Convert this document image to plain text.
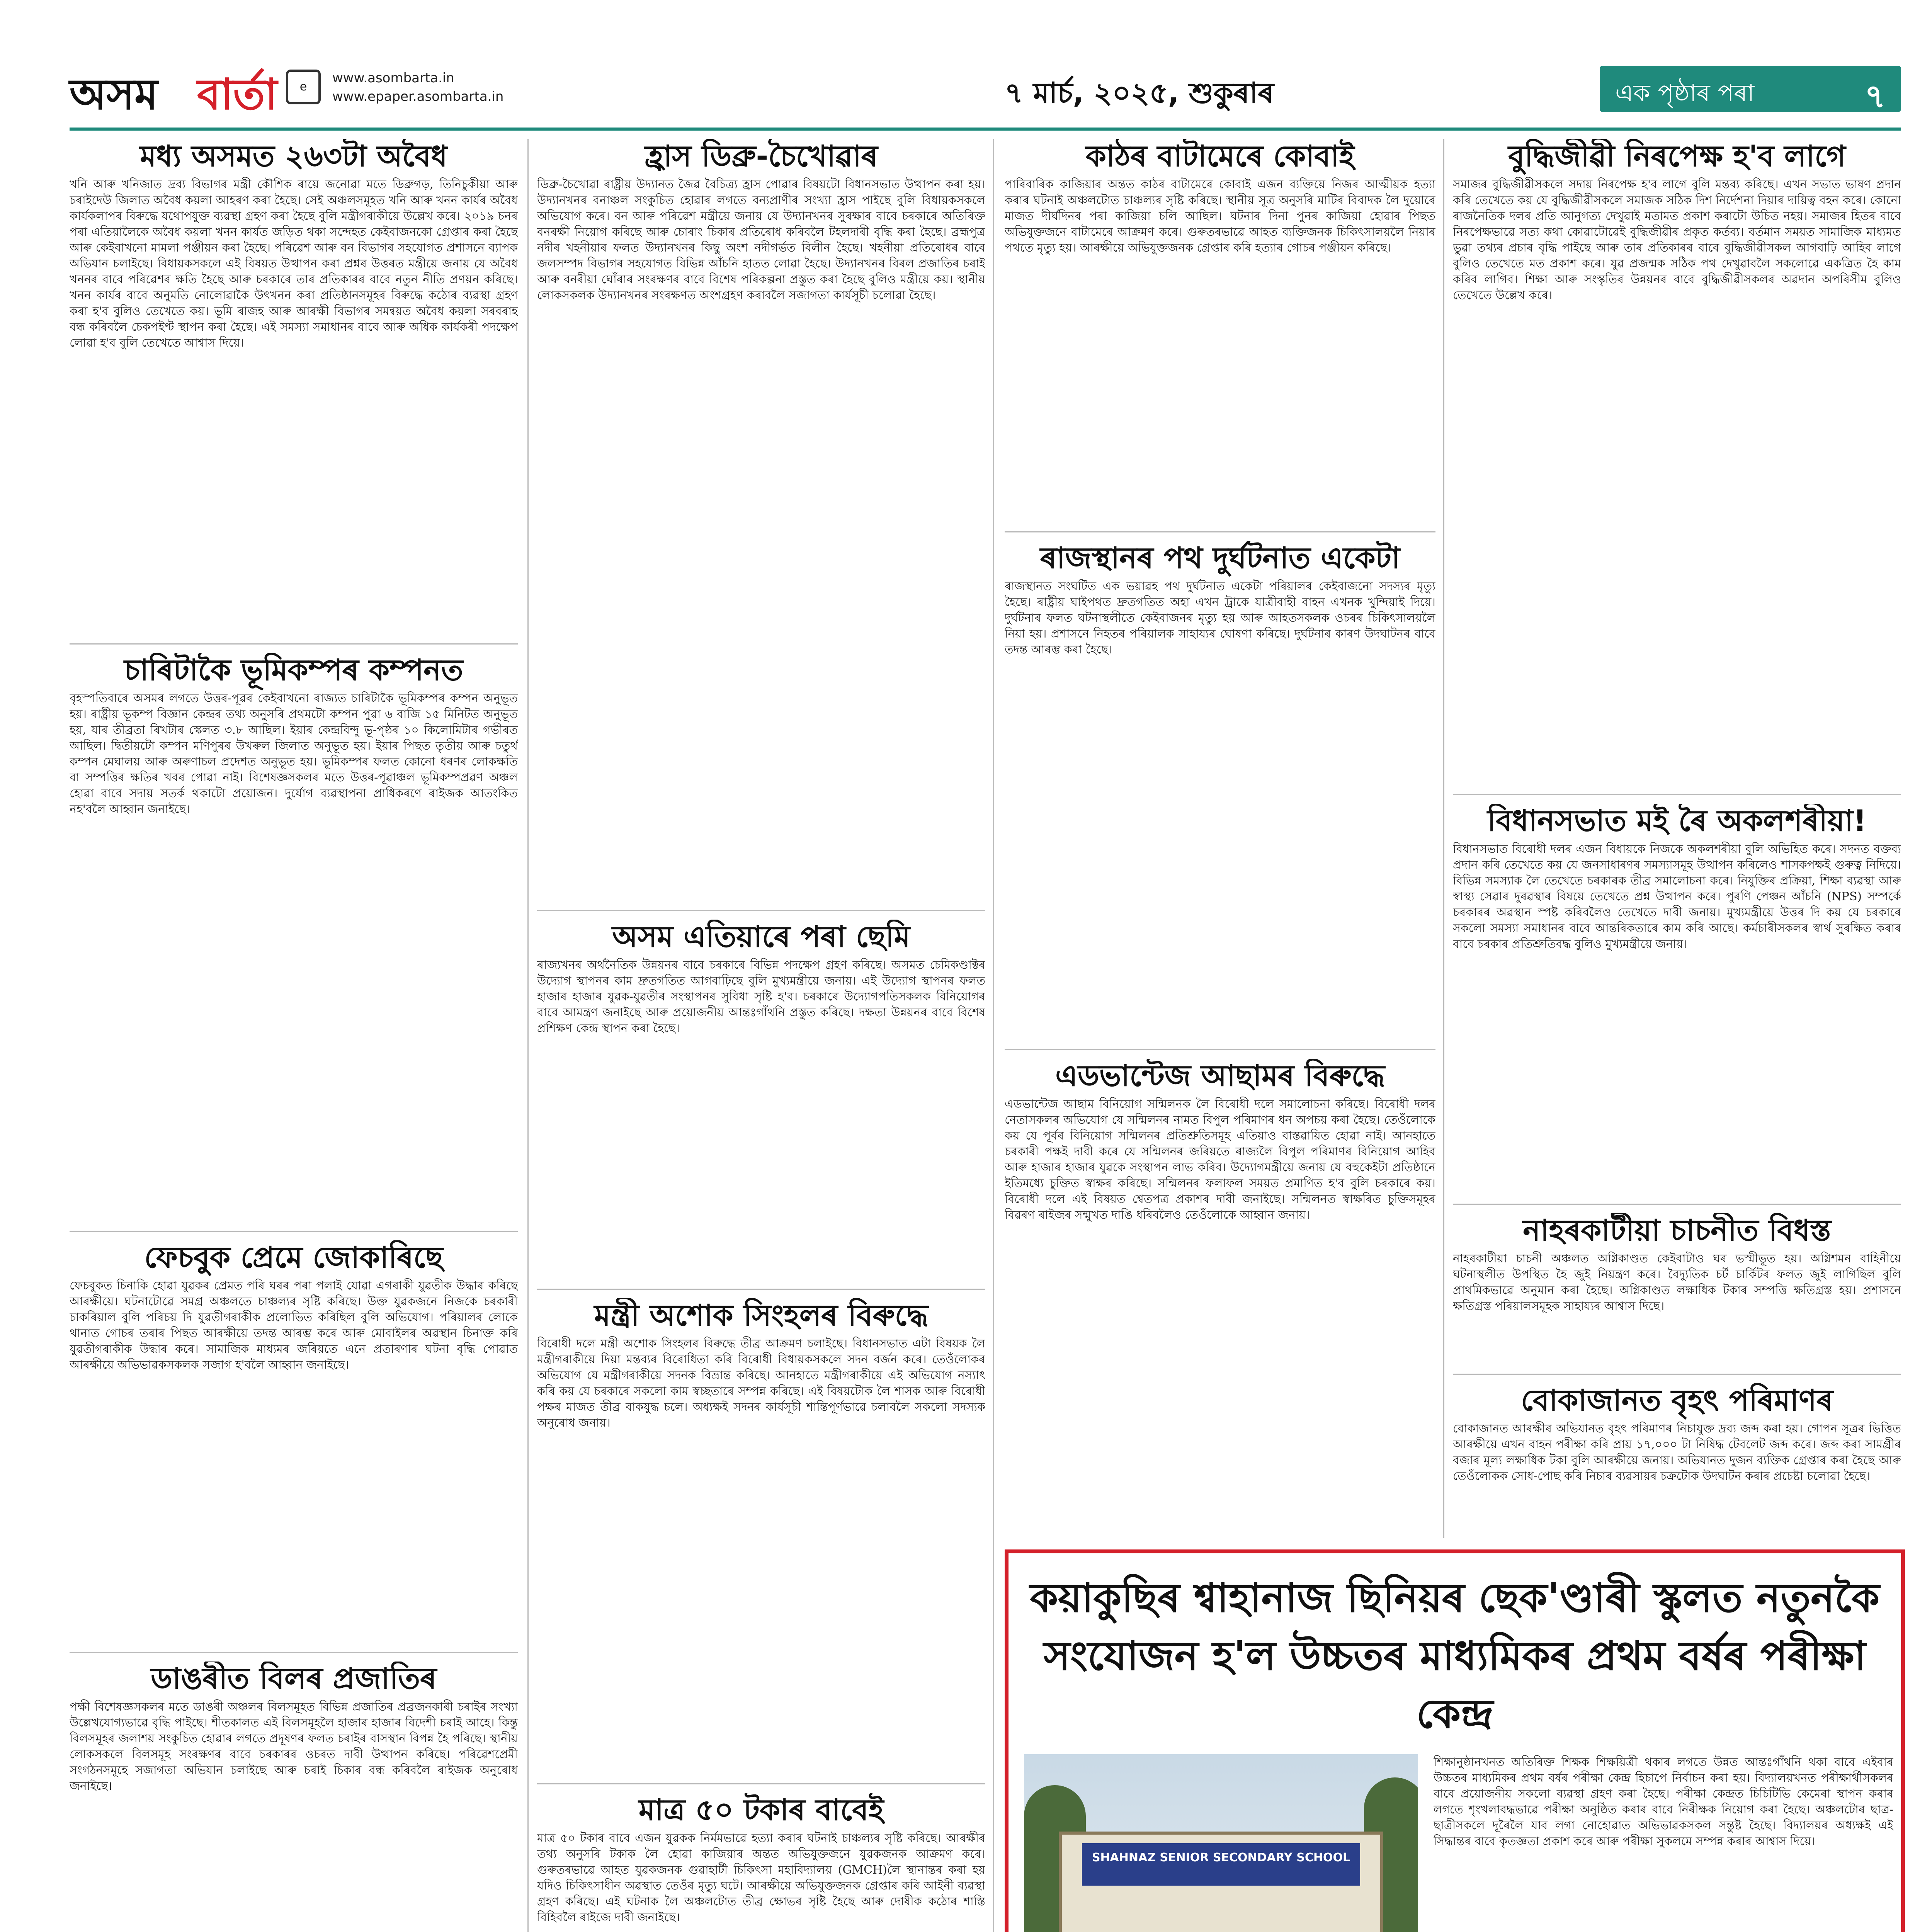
অসম বার্তা	e
www.asombarta.in
www.epaper.asombarta.in	৭ মার্চ, ২০২৫, শুকুৰাৰ	এক পৃষ্ঠাৰ পৰা	৭
মধ্য অসমত ২৬৩টা অবৈধ

খনি আৰু খনিজাত দ্ৰব্য বিভাগৰ মন্ত্ৰী কৌশিক ৰায়ে জনোৱা মতে ডিব্ৰুগড়, তিনিচুকীয়া আৰু চৰাইদেউ জিলাত অবৈধ কয়লা আহৰণ কৰা হৈছে। সেই অঞ্চলসমূহত খনি আৰু খনন কাৰ্যৰ অবৈধ কাৰ্যকলাপৰ বিৰুদ্ধে যথোপযুক্ত ব্যৱস্থা গ্ৰহণ কৰা হৈছে বুলি মন্ত্ৰীগৰাকীয়ে উল্লেখ কৰে। ২০১৯ চনৰ পৰা এতিয়ালৈকে অবৈধ কয়লা খনন কাৰ্যত জড়িত থকা সন্দেহত কেইবাজনকো গ্ৰেপ্তাৰ কৰা হৈছে আৰু কেইবাখনো মামলা পঞ্জীয়ন কৰা হৈছে। পৰিৱেশ আৰু বন বিভাগৰ সহযোগত প্ৰশাসনে ব্যাপক অভিযান চলাইছে। বিধায়কসকলে এই বিষয়ত উত্থাপন কৰা প্ৰশ্নৰ উত্তৰত মন্ত্ৰীয়ে জনায় যে অবৈধ খননৰ বাবে পৰিৱেশৰ ক্ষতি হৈছে আৰু চৰকাৰে তাৰ প্ৰতিকাৰৰ বাবে নতুন নীতি প্ৰণয়ন কৰিছে। খনন কাৰ্যৰ বাবে অনুমতি নোলোৱাকৈ উৎখনন কৰা প্ৰতিষ্ঠানসমূহৰ বিৰুদ্ধে কঠোৰ ব্যৱস্থা গ্ৰহণ কৰা হ'ব বুলিও তেখেতে কয়। ভূমি ৰাজহ আৰু আৰক্ষী বিভাগৰ সমন্বয়ত অবৈধ কয়লা সৰবৰাহ বন্ধ কৰিবলৈ চেকপইণ্ট স্থাপন কৰা হৈছে। এই সমস্যা সমাধানৰ বাবে আৰু অধিক কাৰ্যকৰী পদক্ষেপ লোৱা হ'ব বুলি তেখেতে আশ্বাস দিয়ে।

চাৰিটাকৈ ভূমিকম্পৰ কম্পনত

বৃহস্পতিবাৰে অসমৰ লগতে উত্তৰ-পূৱৰ কেইবাখনো ৰাজ্যত চাৰিটাকৈ ভূমিকম্পৰ কম্পন অনুভূত হয়। ৰাষ্ট্ৰীয় ভূকম্প বিজ্ঞান কেন্দ্ৰৰ তথ্য অনুসৰি প্ৰথমটো কম্পন পুৱা ৬ বাজি ১৫ মিনিটত অনুভূত হয়, যাৰ তীব্ৰতা ৰিখটাৰ স্কেলত ৩.৮ আছিল। ইয়াৰ কেন্দ্ৰবিন্দু ভূ-পৃষ্ঠৰ ১০ কিলোমিটাৰ গভীৰত আছিল। দ্বিতীয়টো কম্পন মণিপুৰৰ উখৰুল জিলাত অনুভূত হয়। ইয়াৰ পিছত তৃতীয় আৰু চতুৰ্থ কম্পন মেঘালয় আৰু অৰুণাচল প্ৰদেশত অনুভূত হয়। ভূমিকম্পৰ ফলত কোনো ধৰণৰ লোকক্ষতি বা সম্পত্তিৰ ক্ষতিৰ খবৰ পোৱা নাই। বিশেষজ্ঞসকলৰ মতে উত্তৰ-পূৱাঞ্চল ভূমিকম্পপ্ৰৱণ অঞ্চল হোৱা বাবে সদায় সতৰ্ক থকাটো প্ৰয়োজন। দুৰ্যোগ ব্যৱস্থাপনা প্ৰাধিকৰণে ৰাইজক আতংকিত নহ'বলৈ আহ্বান জনাইছে।

ফেচবুক প্ৰেমে জোকাৰিছে

ফেচবুকত চিনাকি হোৱা যুৱকৰ প্ৰেমত পৰি ঘৰৰ পৰা পলাই যোৱা এগৰাকী যুৱতীক উদ্ধাৰ কৰিছে আৰক্ষীয়ে। ঘটনাটোৱে সমগ্ৰ অঞ্চলতে চাঞ্চল্যৰ সৃষ্টি কৰিছে। উক্ত যুৱকজনে নিজকে চৰকাৰী চাকৰিয়াল বুলি পৰিচয় দি যুৱতীগৰাকীক প্ৰলোভিত কৰিছিল বুলি অভিযোগ। পৰিয়ালৰ লোকে থানাত গোচৰ তৰাৰ পিছত আৰক্ষীয়ে তদন্ত আৰম্ভ কৰে আৰু মোবাইলৰ অৱস্থান চিনাক্ত কৰি যুৱতীগৰাকীক উদ্ধাৰ কৰে। সামাজিক মাধ্যমৰ জৰিয়তে এনে প্ৰতাৰণাৰ ঘটনা বৃদ্ধি পোৱাত আৰক্ষীয়ে অভিভাৱকসকলক সজাগ হ'বলৈ আহ্বান জনাইছে।

ডাঙৰীত বিলৰ প্ৰজাতিৰ

পক্ষী বিশেষজ্ঞসকলৰ মতে ডাঙৰী অঞ্চলৰ বিলসমূহত বিভিন্ন প্ৰজাতিৰ প্ৰব্ৰজনকাৰী চৰাইৰ সংখ্যা উল্লেখযোগ্যভাৱে বৃদ্ধি পাইছে। শীতকালত এই বিলসমূহলৈ হাজাৰ হাজাৰ বিদেশী চৰাই আহে। কিন্তু বিলসমূহৰ জলাশয় সংকুচিত হোৱাৰ লগতে প্ৰদূষণৰ ফলত চৰাইৰ বাসস্থান বিপন্ন হৈ পৰিছে। স্থানীয় লোকসকলে বিলসমূহ সংৰক্ষণৰ বাবে চৰকাৰৰ ওচৰত দাবী উত্থাপন কৰিছে। পৰিৱেশপ্ৰেমী সংগঠনসমূহে সজাগতা অভিযান চলাইছে আৰু চৰাই চিকাৰ বন্ধ কৰিবলৈ ৰাইজক অনুৰোধ জনাইছে।

হ্ৰাস ডিব্ৰু-চৈখোৱাৰ

ডিব্ৰু-চৈখোৱা ৰাষ্ট্ৰীয় উদ্যানত জৈৱ বৈচিত্ৰ্য হ্ৰাস পোৱাৰ বিষয়টো বিধানসভাত উত্থাপন কৰা হয়। উদ্যানখনৰ বনাঞ্চল সংকুচিত হোৱাৰ লগতে বন্যপ্ৰাণীৰ সংখ্যা হ্ৰাস পাইছে বুলি বিধায়কসকলে অভিযোগ কৰে। বন আৰু পৰিৱেশ মন্ত্ৰীয়ে জনায় যে উদ্যানখনৰ সুৰক্ষাৰ বাবে চৰকাৰে অতিৰিক্ত বনৰক্ষী নিয়োগ কৰিছে আৰু চোৰাং চিকাৰ প্ৰতিৰোধ কৰিবলৈ টহলদাৰী বৃদ্ধি কৰা হৈছে। ব্ৰহ্মপুত্ৰ নদীৰ খহনীয়াৰ ফলত উদ্যানখনৰ কিছু অংশ নদীগৰ্ভত বিলীন হৈছে। খহনীয়া প্ৰতিৰোধৰ বাবে জলসম্পদ বিভাগৰ সহযোগত বিভিন্ন আঁচনি হাতত লোৱা হৈছে। উদ্যানখনৰ বিৰল প্ৰজাতিৰ চৰাই আৰু বনৰীয়া ঘোঁৰাৰ সংৰক্ষণৰ বাবে বিশেষ পৰিকল্পনা প্ৰস্তুত কৰা হৈছে বুলিও মন্ত্ৰীয়ে কয়। স্থানীয় লোকসকলক উদ্যানখনৰ সংৰক্ষণত অংশগ্ৰহণ কৰাবলৈ সজাগতা কাৰ্যসূচী চলোৱা হৈছে।

অসম এতিয়াৰে পৰা ছেমি

ৰাজ্যখনৰ অৰ্থনৈতিক উন্নয়নৰ বাবে চৰকাৰে বিভিন্ন পদক্ষেপ গ্ৰহণ কৰিছে। অসমত চেমিকণ্ডাক্টৰ উদ্যোগ স্থাপনৰ কাম দ্ৰুতগতিত আগবাঢ়িছে বুলি মুখ্যমন্ত্ৰীয়ে জনায়। এই উদ্যোগ স্থাপনৰ ফলত হাজাৰ হাজাৰ যুৱক-যুৱতীৰ সংস্থাপনৰ সুবিধা সৃষ্টি হ'ব। চৰকাৰে উদ্যোগপতিসকলক বিনিয়োগৰ বাবে আমন্ত্ৰণ জনাইছে আৰু প্ৰয়োজনীয় আন্তঃগাঁথনি প্ৰস্তুত কৰিছে। দক্ষতা উন্নয়নৰ বাবে বিশেষ প্ৰশিক্ষণ কেন্দ্ৰ স্থাপন কৰা হৈছে।

মন্ত্ৰী অশোক সিংহলৰ বিৰুদ্ধে

বিৰোধী দলে মন্ত্ৰী অশোক সিংহলৰ বিৰুদ্ধে তীব্ৰ আক্ৰমণ চলাইছে। বিধানসভাত এটা বিষয়ক লৈ মন্ত্ৰীগৰাকীয়ে দিয়া মন্তব্যৰ বিৰোধিতা কৰি বিৰোধী বিধায়কসকলে সদন বৰ্জন কৰে। তেওঁলোকৰ অভিযোগ যে মন্ত্ৰীগৰাকীয়ে সদনক বিভ্ৰান্ত কৰিছে। আনহাতে মন্ত্ৰীগৰাকীয়ে এই অভিযোগ নস্যাৎ কৰি কয় যে চৰকাৰে সকলো কাম স্বচ্ছতাৰে সম্পন্ন কৰিছে। এই বিষয়টোক লৈ শাসক আৰু বিৰোধী পক্ষৰ মাজত তীব্ৰ বাকযুদ্ধ চলে। অধ্যক্ষই সদনৰ কাৰ্যসূচী শান্তিপূৰ্ণভাৱে চলাবলৈ সকলো সদস্যক অনুৰোধ জনায়।

মাত্ৰ ৫০ টকাৰ বাবেই

মাত্ৰ ৫০ টকাৰ বাবে এজন যুৱকক নিৰ্মমভাৱে হত্যা কৰাৰ ঘটনাই চাঞ্চল্যৰ সৃষ্টি কৰিছে। আৰক্ষীৰ তথ্য অনুসৰি টকাক লৈ হোৱা কাজিয়াৰ অন্তত অভিযুক্তজনে যুৱকজনক আক্ৰমণ কৰে। গুৰুতৰভাৱে আহত যুৱকজনক গুৱাহাটী চিকিৎসা মহাবিদ্যালয় (GMCH)লৈ স্থানান্তৰ কৰা হয় যদিও চিকিৎসাধীন অৱস্থাত তেওঁৰ মৃত্যু ঘটে। আৰক্ষীয়ে অভিযুক্তজনক গ্ৰেপ্তাৰ কৰি আইনী ব্যৱস্থা গ্ৰহণ কৰিছে। এই ঘটনাক লৈ অঞ্চলটোত তীব্ৰ ক্ষোভৰ সৃষ্টি হৈছে আৰু দোষীক কঠোৰ শাস্তি বিহিবলৈ ৰাইজে দাবী জনাইছে।

কাঠৰ বাটামেৰে কোবাই

পাৰিবাৰিক কাজিয়াৰ অন্তত কাঠৰ বাটামেৰে কোবাই এজন ব্যক্তিয়ে নিজৰ আত্মীয়ক হত্যা কৰাৰ ঘটনাই অঞ্চলটোত চাঞ্চল্যৰ সৃষ্টি কৰিছে। স্থানীয় সূত্ৰ অনুসৰি মাটিৰ বিবাদক লৈ দুয়োৰে মাজত দীৰ্ঘদিনৰ পৰা কাজিয়া চলি আছিল। ঘটনাৰ দিনা পুনৰ কাজিয়া হোৱাৰ পিছত অভিযুক্তজনে বাটামেৰে আক্ৰমণ কৰে। গুৰুতৰভাৱে আহত ব্যক্তিজনক চিকিৎসালয়লৈ নিয়াৰ পথতে মৃত্যু হয়। আৰক্ষীয়ে অভিযুক্তজনক গ্ৰেপ্তাৰ কৰি হত্যাৰ গোচৰ পঞ্জীয়ন কৰিছে।

ৰাজস্থানৰ পথ দুৰ্ঘটনাত একেটা

ৰাজস্থানত সংঘটিত এক ভয়াৱহ পথ দুৰ্ঘটনাত একেটা পৰিয়ালৰ কেইবাজনো সদস্যৰ মৃত্যু হৈছে। ৰাষ্ট্ৰীয় ঘাইপথত দ্ৰুতগতিত অহা এখন ট্ৰাকে যাত্ৰীবাহী বাহন এখনক খুন্দিয়াই দিয়ে। দুৰ্ঘটনাৰ ফলত ঘটনাস্থলীতে কেইবাজনৰ মৃত্যু হয় আৰু আহতসকলক ওচৰৰ চিকিৎসালয়লৈ নিয়া হয়। প্ৰশাসনে নিহতৰ পৰিয়ালক সাহায্যৰ ঘোষণা কৰিছে। দুৰ্ঘটনাৰ কাৰণ উদঘাটনৰ বাবে তদন্ত আৰম্ভ কৰা হৈছে।

এডভান্টেজ আছামৰ বিৰুদ্ধে

এডভান্টেজ আছাম বিনিয়োগ সন্মিলনক লৈ বিৰোধী দলে সমালোচনা কৰিছে। বিৰোধী দলৰ নেতাসকলৰ অভিযোগ যে সন্মিলনৰ নামত বিপুল পৰিমাণৰ ধন অপচয় কৰা হৈছে। তেওঁলোকে কয় যে পূৰ্বৰ বিনিয়োগ সন্মিলনৰ প্ৰতিশ্ৰুতিসমূহ এতিয়াও বাস্তৱায়িত হোৱা নাই। আনহাতে চৰকাৰী পক্ষই দাবী কৰে যে সন্মিলনৰ জৰিয়তে ৰাজ্যলৈ বিপুল পৰিমাণৰ বিনিয়োগ আহিব আৰু হাজাৰ হাজাৰ যুৱকে সংস্থাপন লাভ কৰিব। উদ্যোগমন্ত্ৰীয়ে জনায় যে বহুকেইটা প্ৰতিষ্ঠানে ইতিমধ্যে চুক্তিত স্বাক্ষৰ কৰিছে। সন্মিলনৰ ফলাফল সময়ত প্ৰমাণিত হ'ব বুলি চৰকাৰে কয়। বিৰোধী দলে এই বিষয়ত শ্বেতপত্ৰ প্ৰকাশৰ দাবী জনাইছে। সন্মিলনত স্বাক্ষৰিত চুক্তিসমূহৰ বিৱৰণ ৰাইজৰ সন্মুখত দাঙি ধৰিবলৈও তেওঁলোকে আহ্বান জনায়।

বুদ্ধিজীৱী নিৰপেক্ষ হ'ব লাগে

সমাজৰ বুদ্ধিজীৱীসকলে সদায় নিৰপেক্ষ হ'ব লাগে বুলি মন্তব্য কৰিছে। এখন সভাত ভাষণ প্ৰদান কৰি তেখেতে কয় যে বুদ্ধিজীৱীসকলে সমাজক সঠিক দিশ নিৰ্দেশনা দিয়াৰ দায়িত্ব বহন কৰে। কোনো ৰাজনৈতিক দলৰ প্ৰতি আনুগত্য দেখুৱাই মতামত প্ৰকাশ কৰাটো উচিত নহয়। সমাজৰ হিতৰ বাবে নিৰপেক্ষভাৱে সত্য কথা কোৱাটোৱেই বুদ্ধিজীৱীৰ প্ৰকৃত কৰ্তব্য। বৰ্তমান সময়ত সামাজিক মাধ্যমত ভুৱা তথ্যৰ প্ৰচাৰ বৃদ্ধি পাইছে আৰু তাৰ প্ৰতিকাৰৰ বাবে বুদ্ধিজীৱীসকল আগবাঢ়ি আহিব লাগে বুলিও তেখেতে মত প্ৰকাশ কৰে। যুৱ প্ৰজন্মক সঠিক পথ দেখুৱাবলৈ সকলোৱে একত্ৰিত হৈ কাম কৰিব লাগিব। শিক্ষা আৰু সংস্কৃতিৰ উন্নয়নৰ বাবে বুদ্ধিজীৱীসকলৰ অৱদান অপৰিসীম বুলিও তেখেতে উল্লেখ কৰে।

বিধানসভাত মই ৰৈ অকলশৰীয়া!

বিধানসভাত বিৰোধী দলৰ এজন বিধায়কে নিজকে অকলশৰীয়া বুলি অভিহিত কৰে। সদনত বক্তব্য প্ৰদান কৰি তেখেতে কয় যে জনসাধাৰণৰ সমস্যাসমূহ উত্থাপন কৰিলেও শাসকপক্ষই গুৰুত্ব নিদিয়ে। বিভিন্ন সমস্যাক লৈ তেখেতে চৰকাৰক তীব্ৰ সমালোচনা কৰে। নিযুক্তিৰ প্ৰক্ৰিয়া, শিক্ষা ব্যৱস্থা আৰু স্বাস্থ্য সেৱাৰ দুৰৱস্থাৰ বিষয়ে তেখেতে প্ৰশ্ন উত্থাপন কৰে। পুৰণি পেঞ্চন আঁচনি (NPS) সম্পৰ্কে চৰকাৰৰ অৱস্থান স্পষ্ট কৰিবলৈও তেখেতে দাবী জনায়। মুখ্যমন্ত্ৰীয়ে উত্তৰ দি কয় যে চৰকাৰে সকলো সমস্যা সমাধানৰ বাবে আন্তৰিকতাৰে কাম কৰি আছে। কৰ্মচাৰীসকলৰ স্বাৰ্থ সুৰক্ষিত কৰাৰ বাবে চৰকাৰ প্ৰতিশ্ৰুতিবদ্ধ বুলিও মুখ্যমন্ত্ৰীয়ে জনায়।

নাহৰকাটীয়া চাচনীত বিধস্ত

নাহৰকাটীয়া চাচনী অঞ্চলত অগ্নিকাণ্ডত কেইবাটাও ঘৰ ভস্মীভূত হয়। অগ্নিশমন বাহিনীয়ে ঘটনাস্থলীত উপস্থিত হৈ জুই নিয়ন্ত্ৰণ কৰে। বৈদ্যুতিক চৰ্ট চাৰ্কিটৰ ফলত জুই লাগিছিল বুলি প্ৰাথমিকভাৱে অনুমান কৰা হৈছে। অগ্নিকাণ্ডত লক্ষাধিক টকাৰ সম্পত্তি ক্ষতিগ্ৰস্ত হয়। প্ৰশাসনে ক্ষতিগ্ৰস্ত পৰিয়ালসমূহক সাহায্যৰ আশ্বাস দিছে।

বোকাজানত বৃহৎ পৰিমাণৰ

বোকাজানত আৰক্ষীৰ অভিযানত বৃহৎ পৰিমাণৰ নিচাযুক্ত দ্ৰব্য জব্দ কৰা হয়। গোপন সূত্ৰৰ ভিত্তিত আৰক্ষীয়ে এখন বাহন পৰীক্ষা কৰি প্ৰায় ১৭,০০০ টা নিষিদ্ধ টেবলেট জব্দ কৰে। জব্দ কৰা সামগ্ৰীৰ বজাৰ মূল্য লক্ষাধিক টকা বুলি আৰক্ষীয়ে জনায়। অভিযানত দুজন ব্যক্তিক গ্ৰেপ্তাৰ কৰা হৈছে আৰু তেওঁলোকক সোধ-পোছ কৰি নিচাৰ ব্যৱসায়ৰ চক্ৰটোক উদঘাটন কৰাৰ প্ৰচেষ্টা চলোৱা হৈছে।

কয়াকুছিৰ শ্বাহানাজ ছিনিয়ৰ ছেক'ণ্ডাৰী স্কুলত নতুনকৈ সংযোজন হ'ল উচ্চতৰ মাধ্যমিকৰ প্ৰথম বৰ্ষৰ পৰীক্ষা কেন্দ্ৰ
SHAHNAZ SENIOR SECONDARY SCHOOL

শিক্ষানুষ্ঠানখনত অতিৰিক্ত শিক্ষক শিক্ষয়িত্ৰী থকাৰ লগতে উন্নত আন্তঃগাঁথনি থকা বাবে এইবাৰ উচ্চতৰ মাধ্যমিকৰ প্ৰথম বৰ্ষৰ পৰীক্ষা কেন্দ্ৰ হিচাপে নিৰ্বাচন কৰা হয়। বিদ্যালয়খনত পৰীক্ষাৰ্থীসকলৰ বাবে প্ৰয়োজনীয় সকলো ব্যৱস্থা গ্ৰহণ কৰা হৈছে। পৰীক্ষা কেন্দ্ৰত চিচিটিভি কেমেৰা স্থাপন কৰাৰ লগতে শৃংখলাবদ্ধভাৱে পৰীক্ষা অনুষ্ঠিত কৰাৰ বাবে নিৰীক্ষক নিয়োগ কৰা হৈছে। অঞ্চলটোৰ ছাত্ৰ-ছাত্ৰীসকলে দূৰৈলৈ যাব লগা নোহোৱাত অভিভাৱকসকল সন্তুষ্ট হৈছে। বিদ্যালয়ৰ অধ্যক্ষই এই সিদ্ধান্তৰ বাবে কৃতজ্ঞতা প্ৰকাশ কৰে আৰু পৰীক্ষা সুকলমে সম্পন্ন কৰাৰ আশ্বাস দিয়ে।
